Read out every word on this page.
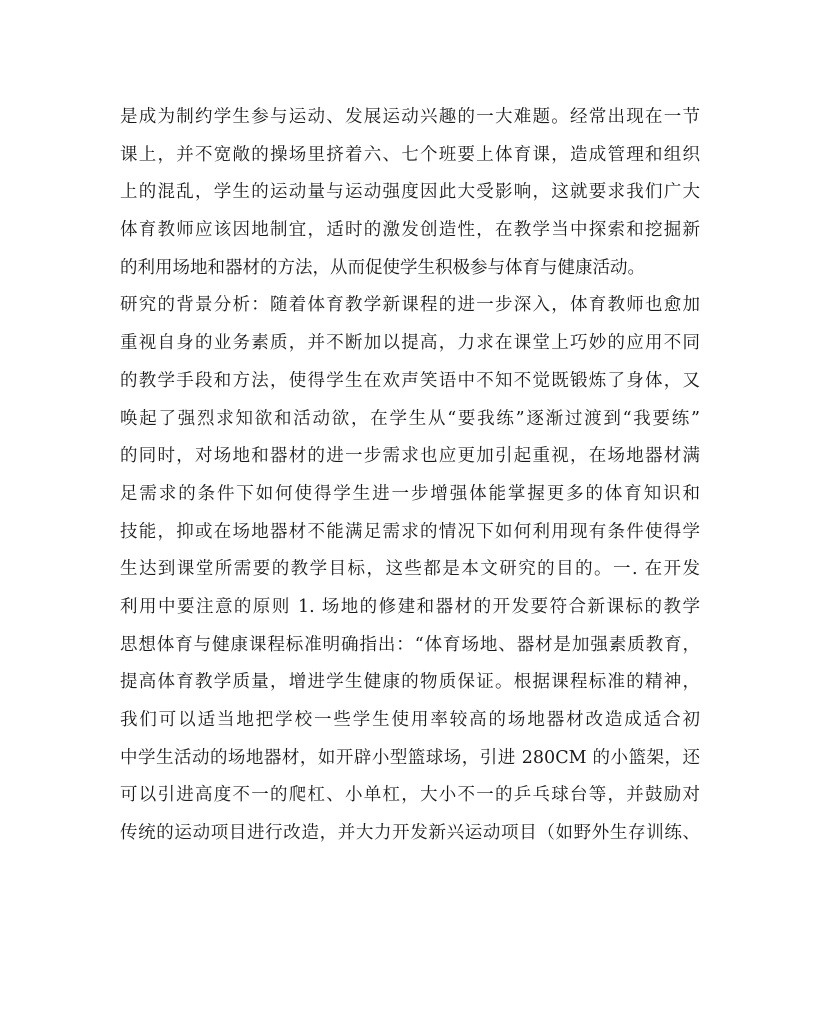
是成为制约学生参与运动、发展运动兴趣的一大难题。经常出现在一节
课上，并不宽敞的操场里挤着六、七个班要上体育课，造成管理和组织
上的混乱，学生的运动量与运动强度因此大受影响，这就要求我们广大
体育教师应该因地制宜，适时的激发创造性，在教学当中探索和挖掘新
的利用场地和器材的方法，从而促使学生积极参与体育与健康活动。
研究的背景分析：随着体育教学新课程的进一步深入，体育教师也愈加
重视自身的业务素质，并不断加以提高，力求在课堂上巧妙的应用不同
的教学手段和方法，使得学生在欢声笑语中不知不觉既锻炼了身体，又
唤起了强烈求知欲和活动欲，在学生从“要我练”逐渐过渡到“我要练”
的同时，对场地和器材的进一步需求也应更加引起重视，在场地器材满
足需求的条件下如何使得学生进一步增强体能掌握更多的体育知识和
技能，抑或在场地器材不能满足需求的情况下如何利用现有条件使得学
生达到课堂所需要的教学目标，这些都是本文研究的目的。一. 在开发
利用中要注意的原则 1. 场地的修建和器材的开发要符合新课标的教学
思想体育与健康课程标准明确指出：“体育场地、器材是加强素质教育，
提高体育教学质量，增进学生健康的物质保证。根据课程标准的精神，
我们可以适当地把学校一些学生使用率较高的场地器材改造成适合初
中学生活动的场地器材，如开辟小型篮球场，引进 280CM 的小篮架，还
可以引进高度不一的爬杠、小单杠，大小不一的乒乓球台等，并鼓励对
传统的运动项目进行改造，并大力开发新兴运动项目（如野外生存训练、
